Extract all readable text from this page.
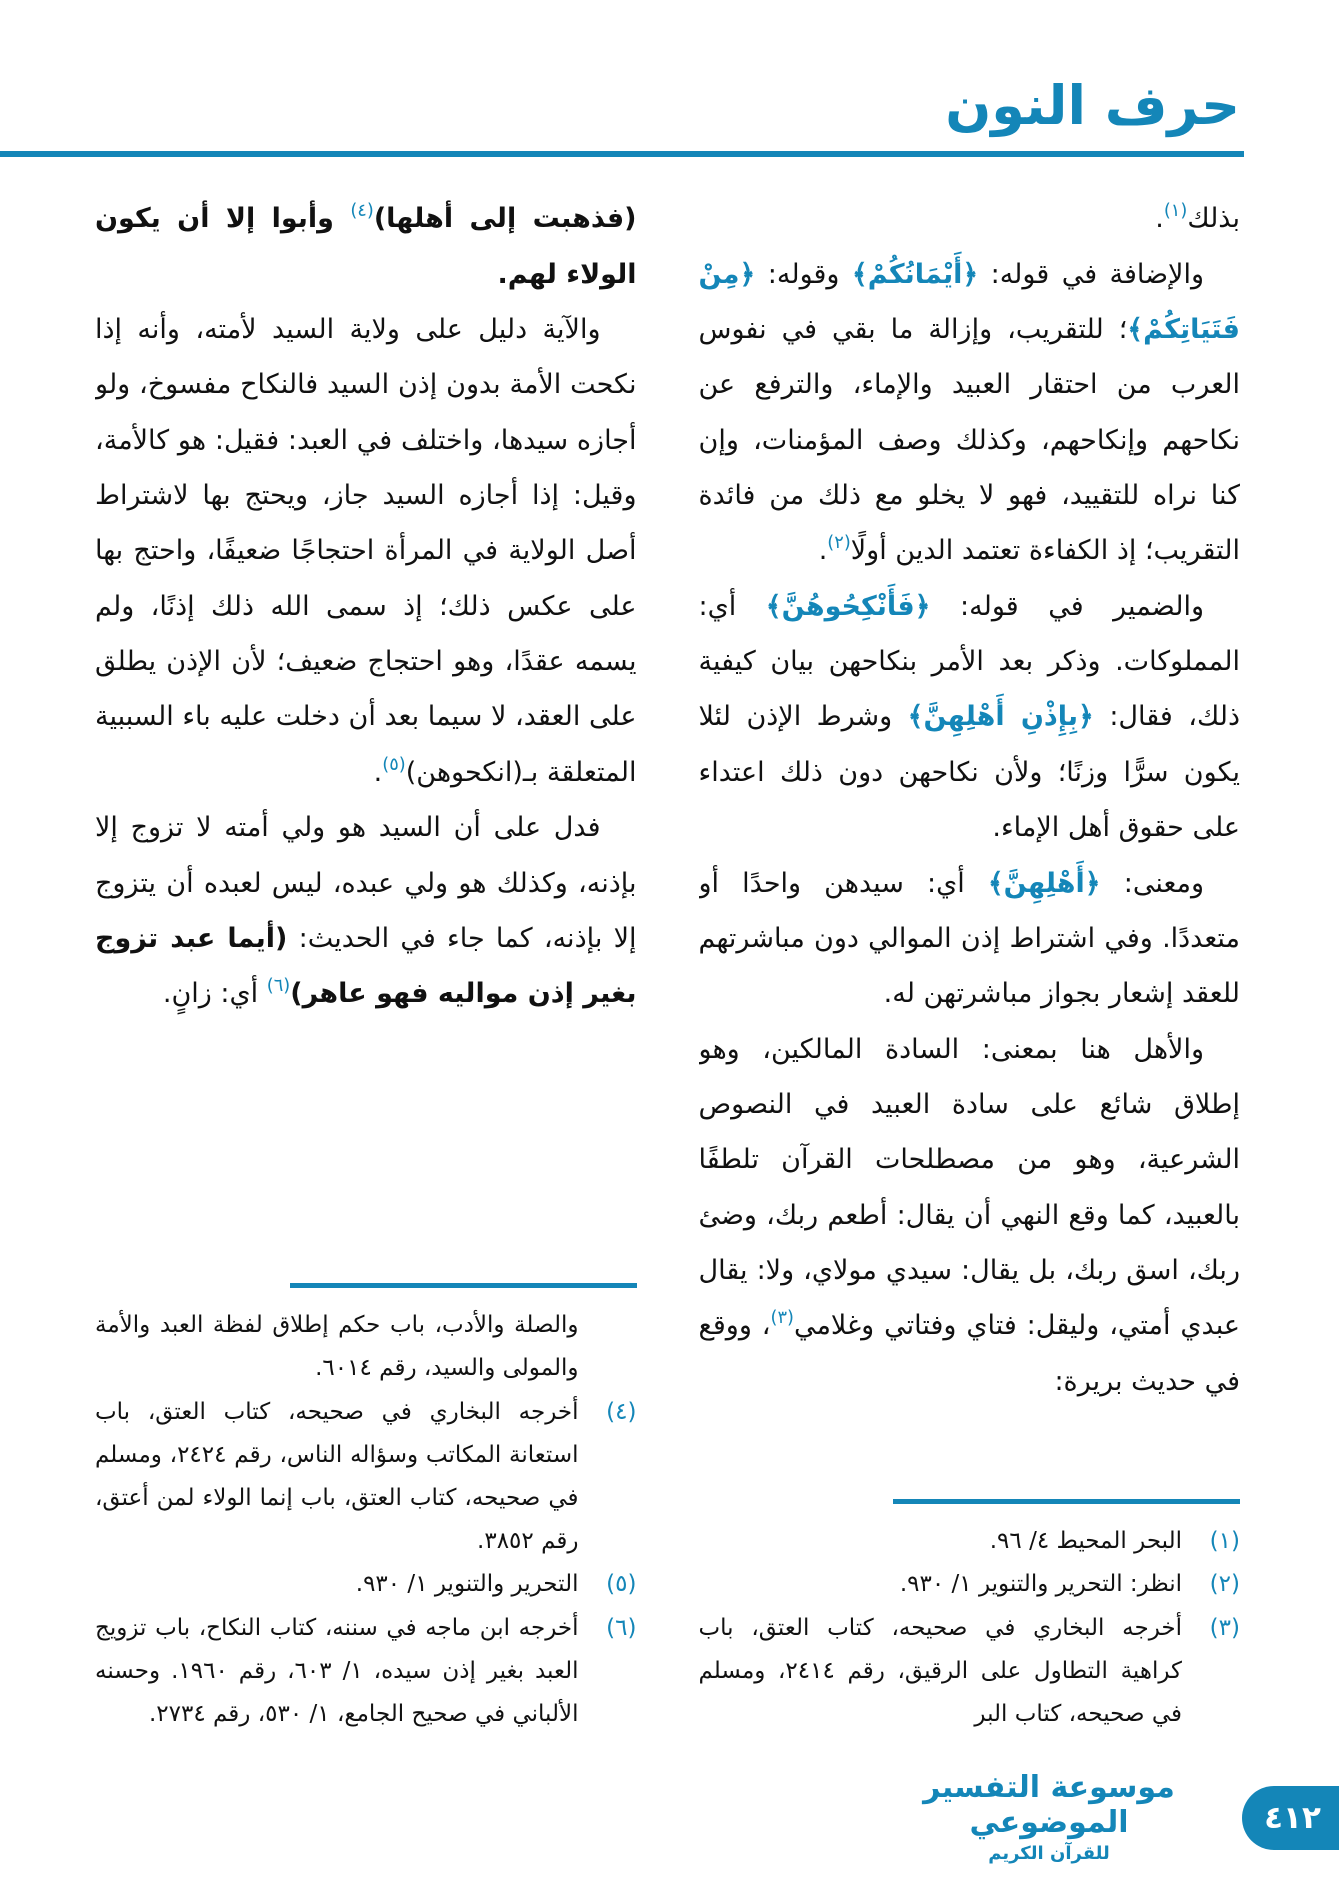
حرف النون

بذلك$^{(١)}$.

والإضافة في قوله: ﴿أَيْمَانُكُمْ﴾ وقوله: ﴿مِنْ فَتَيَاتِكُمْ﴾؛ للتقريب، وإزالة ما بقي في نفوس العرب من احتقار العبيد والإماء، والترفع عن نكاحهم وإنكاحهم، وكذلك وصف المؤمنات، وإن كنا نراه للتقييد، فهو لا يخلو مع ذلك من فائدة التقريب؛ إذ الكفاءة تعتمد الدين أولًا$^{(٢)}$.

والضمير في قوله: ﴿فَأَنْكِحُوهُنَّ﴾ أي: المملوكات. وذكر بعد الأمر بنكاحهن بيان كيفية ذلك، فقال: ﴿بِإِذْنِ أَهْلِهِنَّ﴾ وشرط الإذن لئلا يكون سرًّا وزنًا؛ ولأن نكاحهن دون ذلك اعتداء على حقوق أهل الإماء.

ومعنى: ﴿أَهْلِهِنَّ﴾ أي: سيدهن واحدًا أو متعددًا. وفي اشتراط إذن الموالي دون مباشرتهم للعقد إشعار بجواز مباشرتهن له.

والأهل هنا بمعنى: السادة المالكين، وهو إطلاق شائع على سادة العبيد في النصوص الشرعية، وهو من مصطلحات القرآن تلطفًا بالعبيد، كما وقع النهي أن يقال: أطعم ربك، وضئ ربك، اسق ربك، بل يقال: سيدي مولاي، ولا: يقال عبدي أمتي، وليقل: فتاي وفتاتي وغلامي$^{(٣)}$، ووقع في حديث بريرة:

(١)
البحر المحيط ٤/ ٩٦.
(٢)
انظر: التحرير والتنوير ١/ ٩٣٠.
(٣)
أخرجه البخاري في صحيحه، كتاب العتق، باب كراهية التطاول على الرقيق، رقم ٢٤١٤، ومسلم في صحيحه، كتاب البر

(فذهبت إلى أهلها)$^{(٤)}$ وأبوا إلا أن يكون الولاء لهم.

والآية دليل على ولاية السيد لأمته، وأنه إذا نكحت الأمة بدون إذن السيد فالنكاح مفسوخ، ولو أجازه سيدها، واختلف في العبد: فقيل: هو كالأمة، وقيل: إذا أجازه السيد جاز، ويحتج بها لاشتراط أصل الولاية في المرأة احتجاجًا ضعيفًا، واحتج بها على عكس ذلك؛ إذ سمى الله ذلك إذنًا، ولم يسمه عقدًا، وهو احتجاج ضعيف؛ لأن الإذن يطلق على العقد، لا سيما بعد أن دخلت عليه باء السببية المتعلقة بـ(انكحوهن)$^{(٥)}$.

فدل على أن السيد هو ولي أمته لا تزوج إلا بإذنه، وكذلك هو ولي عبده، ليس لعبده أن يتزوج إلا بإذنه، كما جاء في الحديث: (أيما عبد تزوج بغير إذن مواليه فهو عاهر)$^{(٦)}$ أي: زانٍ.

والصلة والأدب، باب حكم إطلاق لفظة العبد والأمة والمولى والسيد، رقم ٦٠١٤.
(٤)
أخرجه البخاري في صحيحه، كتاب العتق، باب استعانة المكاتب وسؤاله الناس، رقم ٢٤٢٤، ومسلم في صحيحه، كتاب العتق، باب إنما الولاء لمن أعتق، رقم ٣٨٥٢.
(٥)
التحرير والتنوير ١/ ٩٣٠.
(٦)
أخرجه ابن ماجه في سننه، كتاب النكاح، باب تزويج العبد بغير إذن سيده، ١/ ٦٠٣، رقم ١٩٦٠. وحسنه الألباني في صحيح الجامع، ١/ ٥٣٠، رقم ٢٧٣٤.
٤١٢
موسوعة التفسير الموضوعي
للقرآن الكريم
